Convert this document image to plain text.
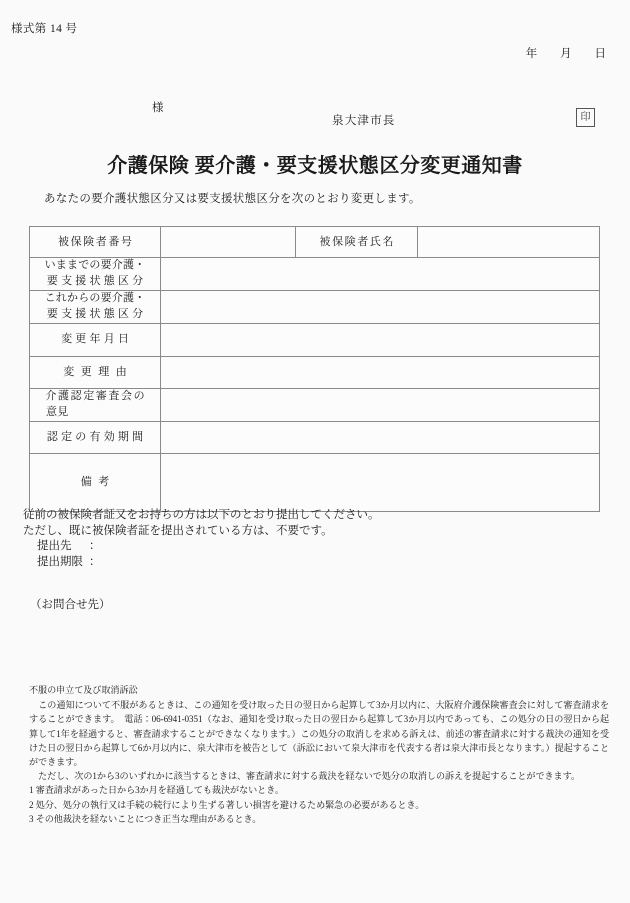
様式第 14 号
年 月 日
様
泉大津市長	印
介護保険 要介護・要支援状態区分変更通知書
あなたの要介護状態区分又は要支援状態区分を次のとおり変更します。
被保険者番号		被保険者氏名	

いままでの要介護・
要支援状態区分			

これからの要介護・
要支援状態区分			

変更年月日			

変更理由			

介護認定審査会の
意見			

認定の有効期間			

備考			

従前の被保険者証又をお持ちの方は以下のとおり提出してください。
ただし、既に被保険者証を提出されている方は、不要です。
提出先 ：
提出期限 ：
（お問合せ先）

不服の申立て及び取消訴訟

この通知について不服があるときは、この通知を受け取った日の翌日から起算して3か月以内に、大阪府介護保険審査会に対して審査請求をすることができます。　電話：06-6941-0351（なお、通知を受け取った日の翌日から起算して3か月以内であっても、この処分の日の翌日から起算して1年を経過すると、審査請求することができなくなります。）この処分の取消しを求める訴えは、前述の審査請求に対する裁決の通知を受けた日の翌日から起算して6か月以内に、泉大津市を被告として（訴訟において泉大津市を代表する者は泉大津市長となります。）提起することができます。

ただし、次の1から3のいずれかに該当するときは、審査請求に対する裁決を経ないで処分の取消しの訴えを提起することができます。

1 審査請求があった日から3か月を経過しても裁決がないとき。

2 処分、処分の執行又は手続の続行により生ずる著しい損害を避けるため緊急の必要があるとき。

3 その他裁決を経ないことにつき正当な理由があるとき。
